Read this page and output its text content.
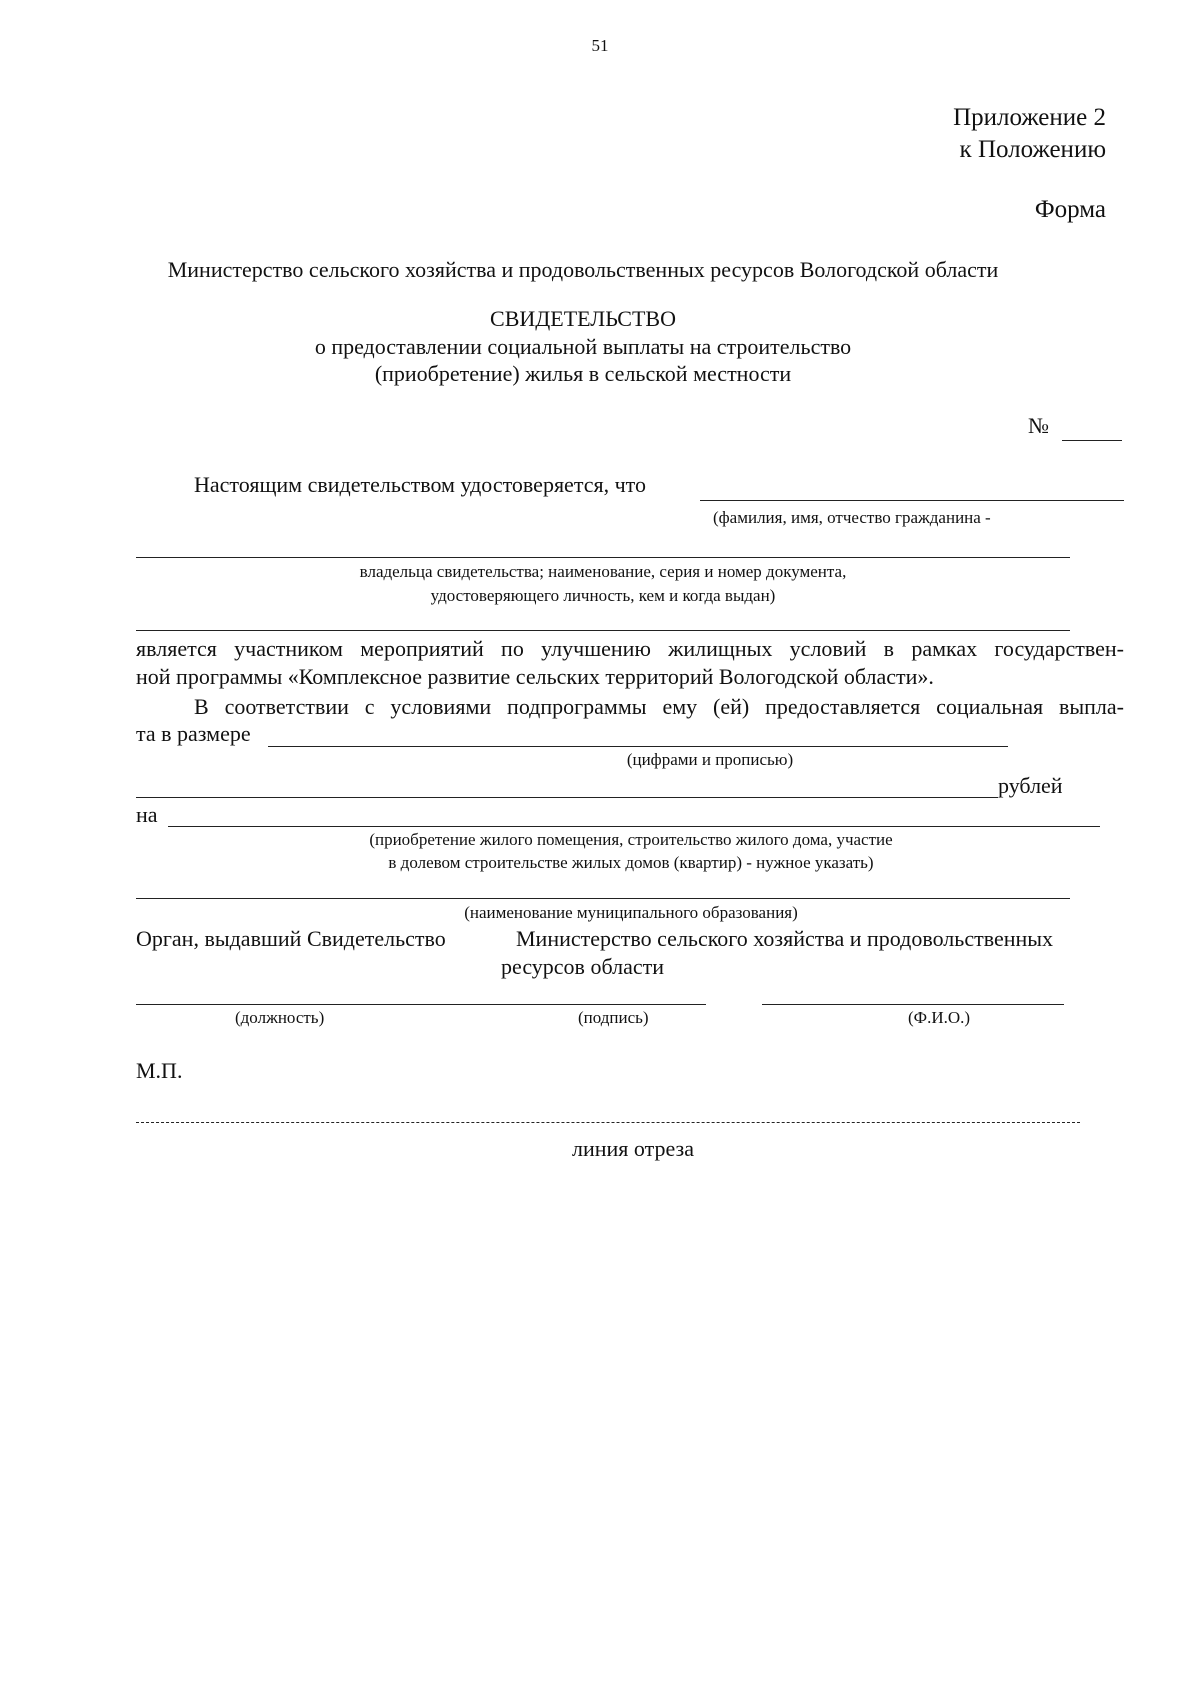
51
Приложение 2
к Положению
Форма
Министерство сельского хозяйства и продовольственных ресурсов Вологодской области
СВИДЕТЕЛЬСТВО
о предоставлении социальной выплаты на строительство
(приобретение) жилья в сельской местности
№
Настоящим свидетельством удостоверяется, что
(фамилия, имя, отчество гражданина -
владельца свидетельства; наименование, серия и номер документа,
удостоверяющего личность, кем и когда выдан)
является участником мероприятий по улучшению жилищных условий в рамках государствен-
ной программы «Комплексное развитие сельских территорий Вологодской области».
В соответствии с условиями подпрограммы ему (ей) предоставляется социальная выпла-
та в размере
(цифрами и прописью)
рублей
на
(приобретение жилого помещения, строительство жилого дома, участие
в долевом строительстве жилых домов (квартир) - нужное указать)
(наименование муниципального образования)
Орган, выдавший Свидетельство	Министерство сельского хозяйства и продовольственных
ресурсов области
(должность)	(подпись)	(Ф.И.О.)
М.П.
линия отреза
